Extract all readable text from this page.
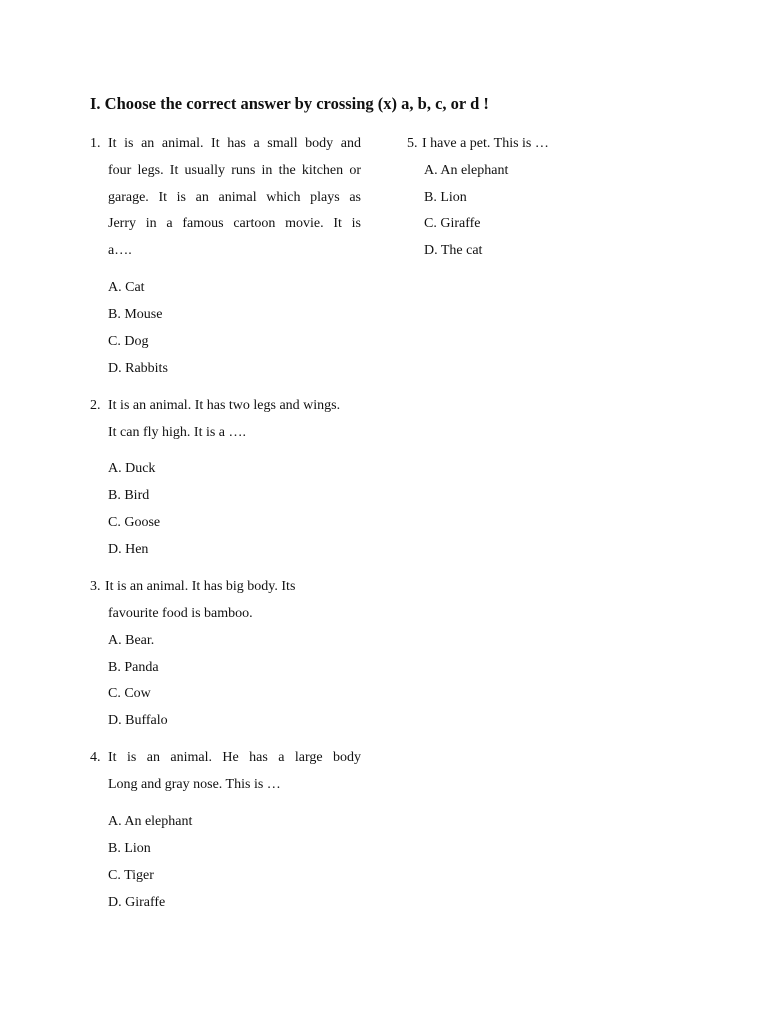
I. Choose the correct answer by crossing (x) a, b, c, or d !
1. It is an animal. It has a small body and
four legs. It usually runs in the kitchen or
garage. It is an animal which plays as
Jerry in a famous cartoon movie. It is
a….
A. Cat
B. Mouse
C. Dog
D. Rabbits
2. It is an animal. It has two legs and wings.
It can fly high. It is a ….
A. Duck
B. Bird
C. Goose
D. Hen
3. It is an animal. It has big body. Its
favourite food is bamboo.
A. Bear.
B. Panda
C. Cow
D. Buffalo
4. It is an animal. He has a large body
Long and gray nose. This is …
A. An elephant
B. Lion
C. Tiger
D. Giraffe
5. I have a pet. This is …
A. An elephant
B. Lion
C. Giraffe
D. The cat
